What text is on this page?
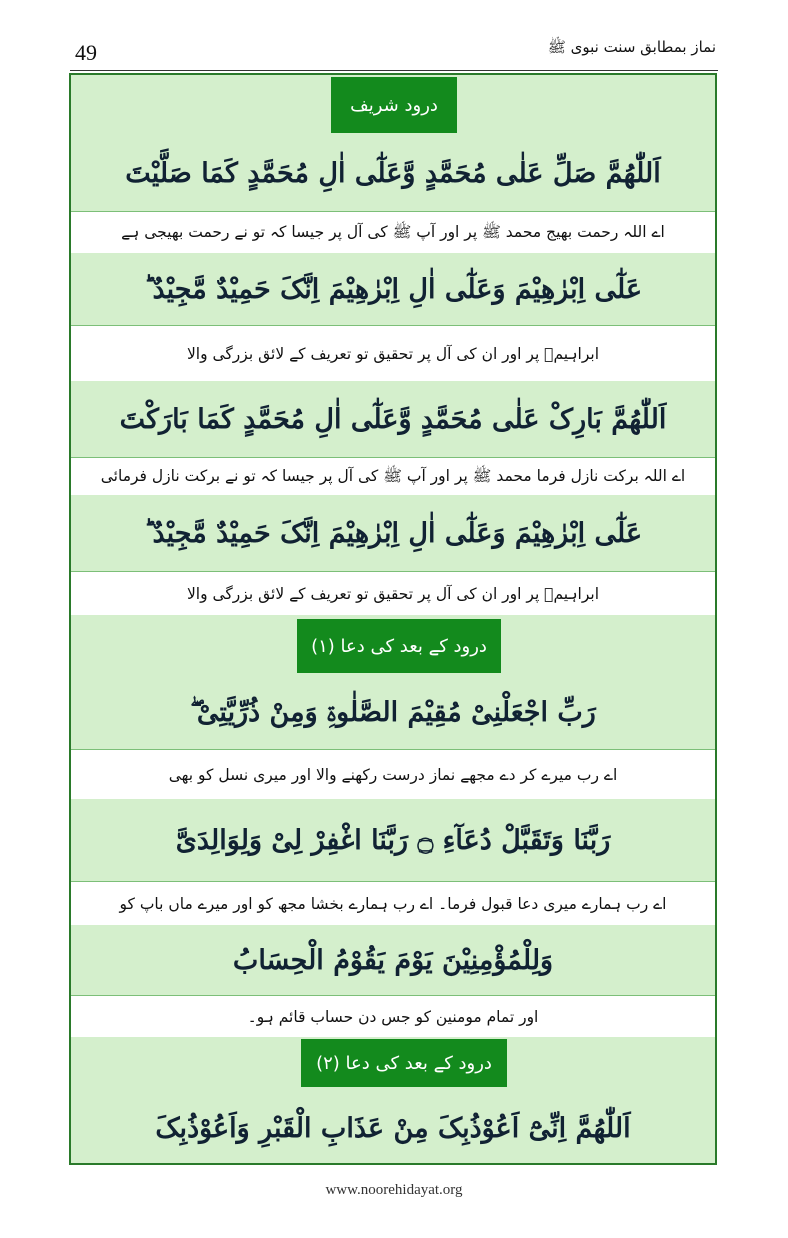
49	نماز بمطابق سنت نبوی ﷺ
درود شریف
اَللّٰھُمَّ صَلِّ عَلٰی مُحَمَّدٍ وَّعَلٰٓی اٰلِ مُحَمَّدٍ کَمَا صَلَّیْتَ
اے اللہ رحمت بھیج محمد ﷺ پر اور آپ ﷺ کی آل پر جیسا کہ تو نے رحمت بھیجی ہے
عَلٰٓی اِبْرٰھِیْمَ وَعَلٰٓی اٰلِ اِبْرٰھِیْمَ اِنَّکَ حَمِیْدٌ مَّجِیْدٌ ؕ
ابراہیمؑ پر اور ان کی آل پر تحقیق تو تعریف کے لائق بزرگی والا
اَللّٰھُمَّ بَارِکْ عَلٰی مُحَمَّدٍ وَّعَلٰٓی اٰلِ مُحَمَّدٍ کَمَا بَارَکْتَ
اے اللہ برکت نازل فرما محمد ﷺ پر اور آپ ﷺ کی آل پر جیسا کہ تو نے برکت نازل فرمائی
عَلٰٓی اِبْرٰھِیْمَ وَعَلٰٓی اٰلِ اِبْرٰھِیْمَ اِنَّکَ حَمِیْدٌ مَّجِیْدٌ ؕ
ابراہیمؑ پر اور ان کی آل پر تحقیق تو تعریف کے لائق بزرگی والا
درود کے بعد کی دعا (۱)
رَبِّ اجْعَلْنِیْ مُقِیْمَ الصَّلٰوۃِ وَمِنْ ذُرِّیَّتِیْ ۖ
اے رب میرے کر دے مجھے نماز درست رکھنے والا اور میری نسل کو بھی
رَبَّنَا وَتَقَبَّلْ دُعَآءِ ۝ رَبَّنَا اغْفِرْ لِیْ وَلِوَالِدَیَّ
اے رب ہمارے میری دعا قبول فرما۔ اے رب ہمارے بخشا مجھ کو اور میرے ماں باپ کو
وَلِلْمُؤْمِنِیْنَ یَوْمَ یَقُوْمُ الْحِسَابُ
اور تمام مومنین کو جس دن حساب قائم ہو۔
درود کے بعد کی دعا (۲)
اَللّٰھُمَّ اِنِّیْٓ اَعُوْذُبِکَ مِنْ عَذَابِ الْقَبْرِ وَاَعُوْذُبِکَ
www.noorehidayat.org
